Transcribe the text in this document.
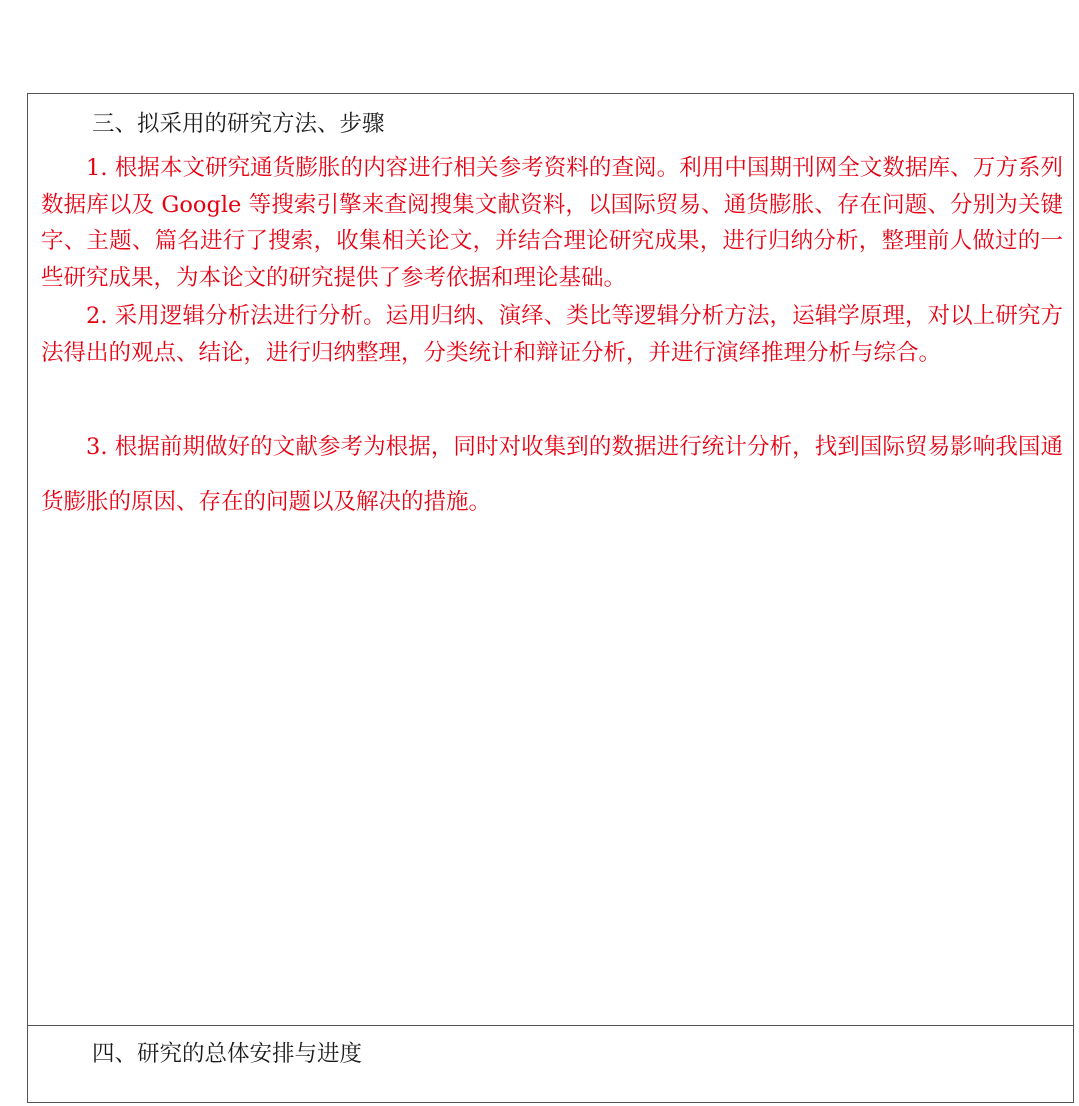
三、拟采用的研究方法、步骤

1. 根据本文研究通货膨胀的内容进行相关参考资料的查阅。利用中国期刊网全文数据库、万方系列数据库以及 Google 等搜索引擎来查阅搜集文献资料，以国际贸易、通货膨胀、存在问题、分别为关键字、主题、篇名进行了搜索，收集相关论文，并结合理论研究成果，进行归纳分析，整理前人做过的一些研究成果，为本论文的研究提供了参考依据和理论基础。

2. 采用逻辑分析法进行分析。运用归纳、演绎、类比等逻辑分析方法，运辑学原理，对以上研究方法得出的观点、结论，进行归纳整理，分类统计和辩证分析，并进行演绎推理分析与综合。

3. 根据前期做好的文献参考为根据，同时对收集到的数据进行统计分析，找到国际贸易影响我国通货膨胀的原因、存在的问题以及解决的措施。

四、研究的总体安排与进度
